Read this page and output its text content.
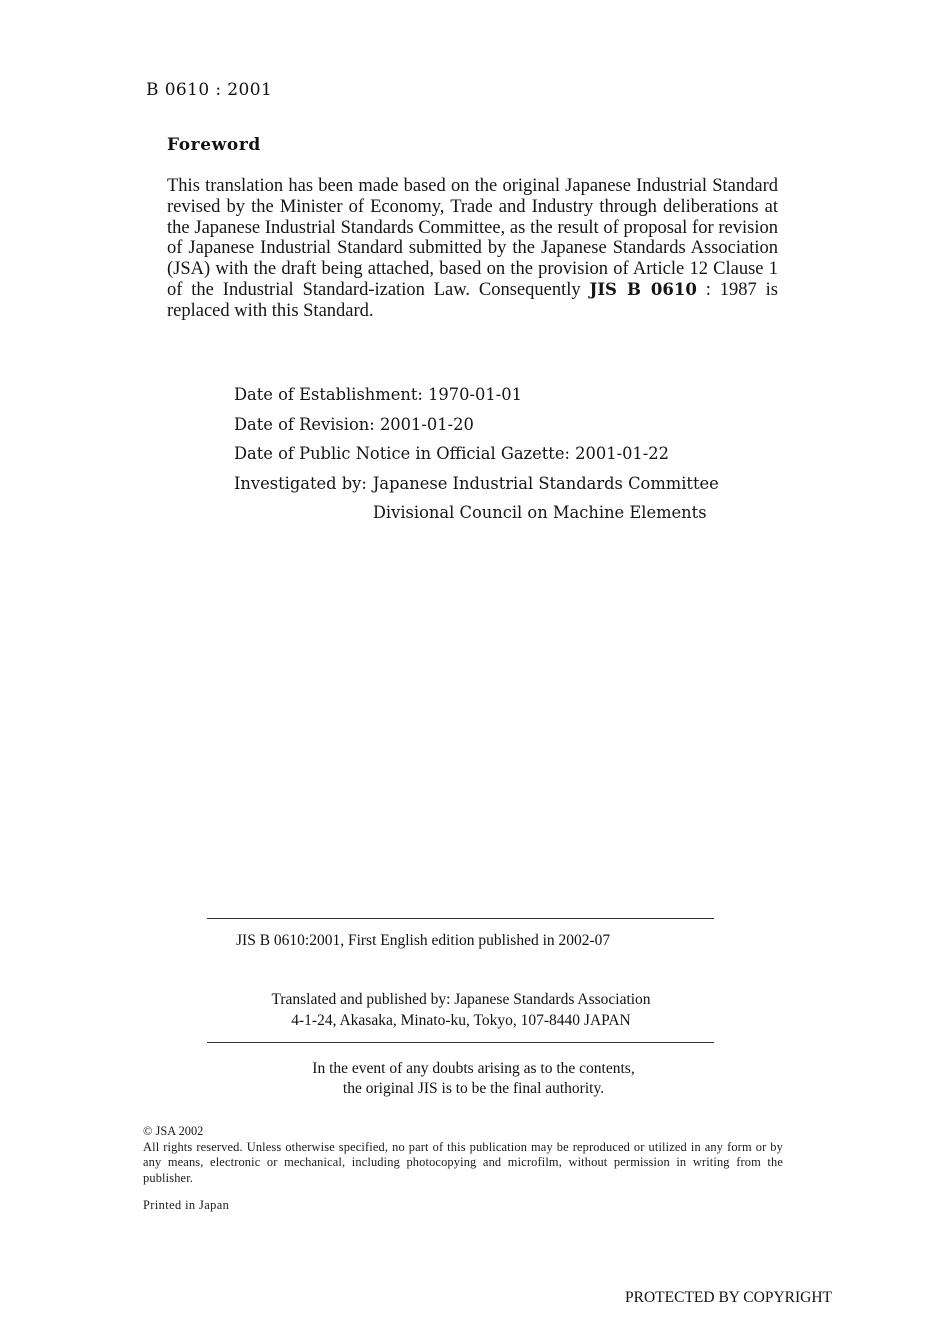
B 0610 : 2001
Foreword

This translation has been made based on the original Japanese Industrial Standard revised by the Minister of Economy, Trade and Industry through deliberations at the Japanese Industrial Standards Committee, as the result of proposal for revision of Japanese Industrial Standard submitted by the Japanese Standards Association (JSA) with the draft being attached, based on the provision of Article 12 Clause 1 of the Industrial Standard-ization Law. Consequently JIS B 0610 : 1987 is replaced with this Standard.

Date of Establishment: 1970-01-01
Date of Revision: 2001-01-20
Date of Public Notice in Official Gazette: 2001-01-22
Investigated by: Japanese Industrial Standards Committee
Divisional Council on Machine Elements
JIS B 0610:2001, First English edition published in 2002-07
Translated and published by: Japanese Standards Association
4-1-24, Akasaka, Minato-ku, Tokyo, 107-8440 JAPAN
In the event of any doubts arising as to the contents,
the original JIS is to be the final authority.
© JSA 2002
All rights reserved. Unless otherwise specified, no part of this publication may be reproduced or utilized in any form or by any means, electronic or mechanical, including photocopying and microfilm, without permission in writing from the publisher.
Printed in Japan
PROTECTED BY COPYRIGHT
